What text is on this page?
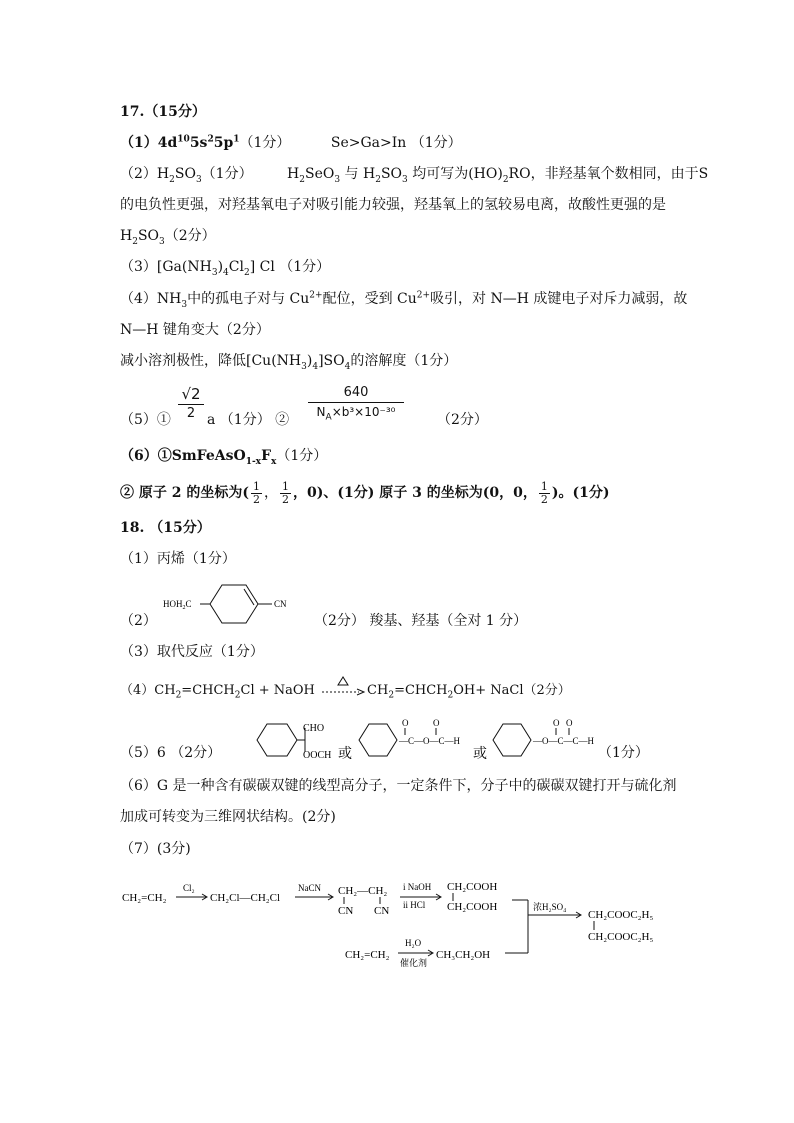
17.（15分）
$(1)4d^{10}5s^25p^1(1$分）	Se>Ga>In （1分）
$(2)H_2SO_3(1$分） $H_2SeO_3$ 与 $H_2SO_3$ 均可写为$(HO)_2RO$，非羟基氧个数相同，由于S
的电负性更强，对羟基氧电子对吸引能力较强，羟基氧上的氢较易电离，故酸性更强的是
$H_2SO_3(2$分）
$(3)[Ga(NH_3)_4Cl_2]$ Cl （1分）
$(4)NH_3$中的孤电子对与 $Cu^{2+}$配位，受到 $Cu^{2+}$吸引，对 N—H 成键电子对斥力减弱，故
N—H 键角变大（2分）
减小溶剂极性，降低$[Cu(NH_3)_4]SO_4$的溶解度（1分）
（5）①
√2
2 a （1分） ②
640
$N_A\times b^3\times 10^{-30}$	（2分）
$(6)①SmFeAsO_{1-x}F_x(1$分）
② 原子 2 的坐标为( $\frac{1}{2}$ ， $\frac{1}{2}$ ，0)、(1分) 原子 3 的坐标为(0，0， $\frac{1}{2}$ )。(1分)
18. （15分）
（1）丙烯（1分）
$HOH_2C$	CN
（2）	（2分） 羧基、羟基（全对 1 分）
（3）取代反应（1分）
$(4)CH_2=CHCH_2Cl$ + NaOH	$CH_2=CHCH_2OH+$ NaCl（2分）
（5）6 （2分）
CHO
OOCH 或
—C—O—C—H
O	O
或
—O—C—C—H
O O
（1分）
（6）G 是一种含有碳碳双键的线型高分子，一定条件下，分子中的碳碳双键打开与硫化剂
加成可转变为三维网状结构。(2分)
（7）(3分)
CH₂=CH₂
Cl₂
CH₂Cl—CH₂Cl
NaCN CH₂—CH₂
CN CN
i NaOH
ii HCl
CH₂COOH
CH₂COOH	浓H₂SO₄
CH₂COOC₂H₅
CH₂COOC₂H₅
CH₂=CH₂
H₂O
催化剂
CH₃CH₂OH
